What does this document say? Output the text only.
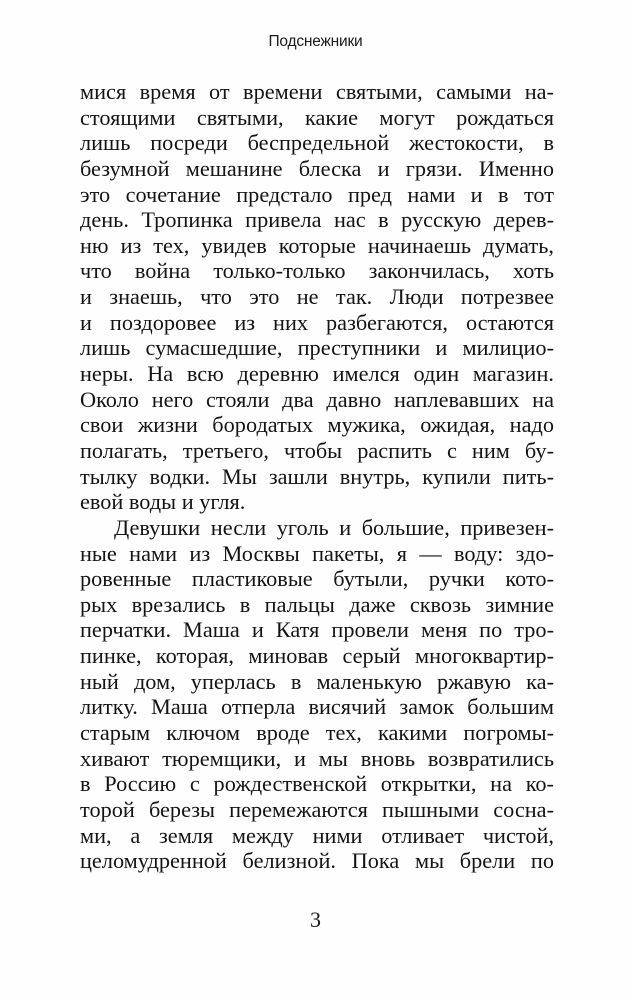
Подснежники
мися время от времени святыми, самыми на-
стоящими святыми, какие могут рождаться
лишь посреди беспредельной жестокости, в
безумной мешанине блеска и грязи. Именно
это сочетание предстало пред нами и в тот
день. Тропинка привела нас в русскую дерев-
ню из тех, увидев которые начинаешь думать,
что война только-только закончилась, хоть
и знаешь, что это не так. Люди потрезвее
и поздоровее из них разбегаются, остаются
лишь сумасшедшие, преступники и милицио-
неры. На всю деревню имелся один магазин.
Около него стояли два давно наплевавших на
свои жизни бородатых мужика, ожидая, надо
полагать, третьего, чтобы распить с ним бу-
тылку водки. Мы зашли внутрь, купили пить-
евой воды и угля.
Девушки несли уголь и большие, привезен-
ные нами из Москвы пакеты, я — воду: здо-
ровенные пластиковые бутыли, ручки кото-
рых врезались в пальцы даже сквозь зимние
перчатки. Маша и Катя провели меня по тро-
пинке, которая, миновав серый многоквартир-
ный дом, уперлась в маленькую ржавую ка-
литку. Маша отперла висячий замок большим
старым ключом вроде тех, какими погромы-
хивают тюремщики, и мы вновь возвратились
в Россию с рождественской открытки, на ко-
торой березы перемежаются пышными сосна-
ми, а земля между ними отливает чистой,
целомудренной белизной. Пока мы брели по
3
